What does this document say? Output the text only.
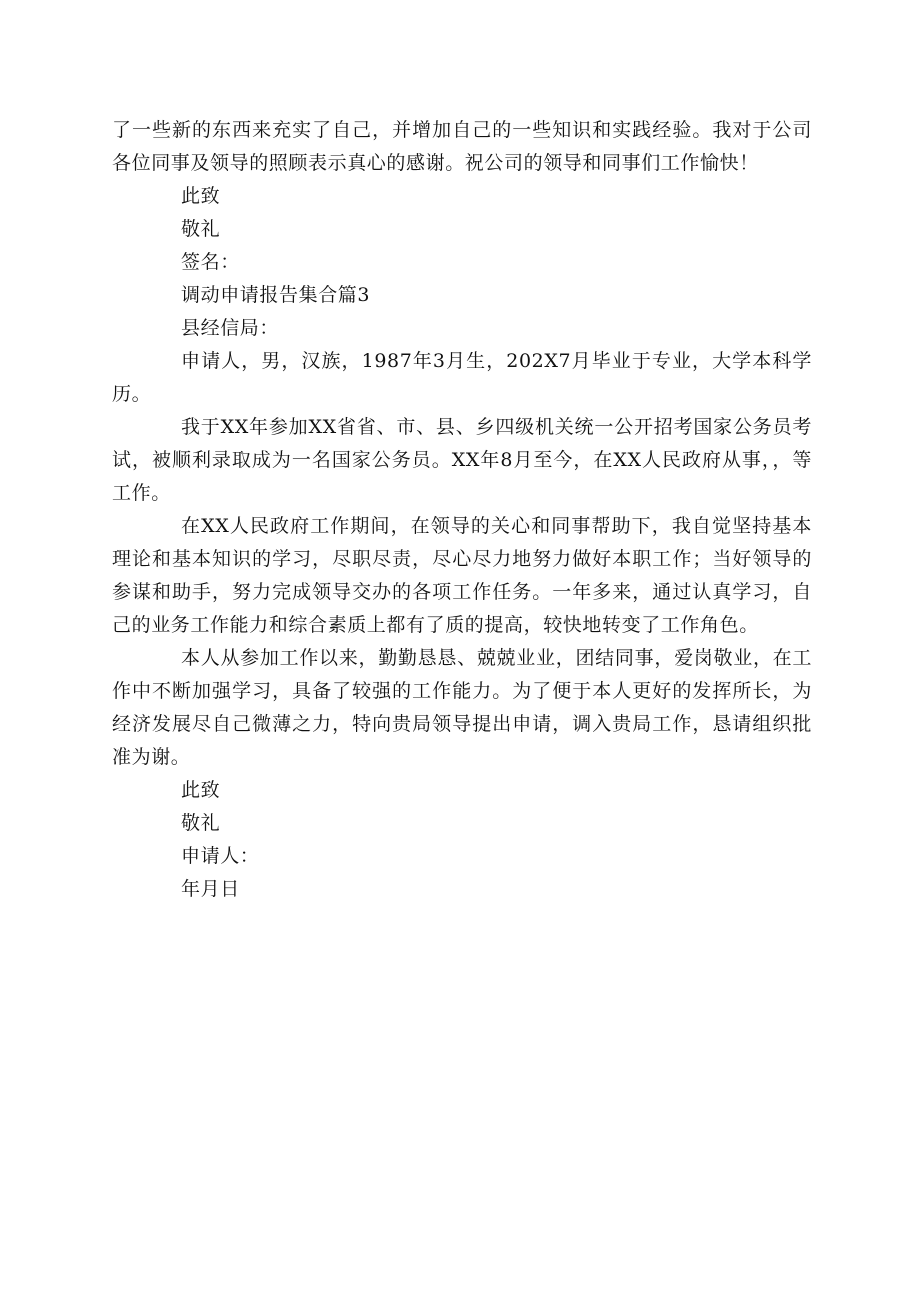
了一些新的东西来充实了自己，并增加自己的一些知识和实践经验。我对于公司各位同事及领导的照顾表示真心的感谢。祝公司的领导和同事们工作愉快！

此致

敬礼

签名：

调动申请报告集合篇3

县经信局：

申请人，男，汉族，1987年3月生，202X7月毕业于专业，大学本科学历。

我于XX年参加XX省省、市、县、乡四级机关统一公开招考国家公务员考试，被顺利录取成为一名国家公务员。XX年8月至今，在XX人民政府从事，，等工作。

在XX人民政府工作期间，在领导的关心和同事帮助下，我自觉坚持基本理论和基本知识的学习，尽职尽责，尽心尽力地努力做好本职工作；当好领导的参谋和助手，努力完成领导交办的各项工作任务。一年多来，通过认真学习，自己的业务工作能力和综合素质上都有了质的提高，较快地转变了工作角色。

本人从参加工作以来，勤勤恳恳、兢兢业业，团结同事，爱岗敬业，在工作中不断加强学习，具备了较强的工作能力。为了便于本人更好的发挥所长，为经济发展尽自己微薄之力，特向贵局领导提出申请，调入贵局工作，恳请组织批准为谢。

此致

敬礼

申请人：

年月日
